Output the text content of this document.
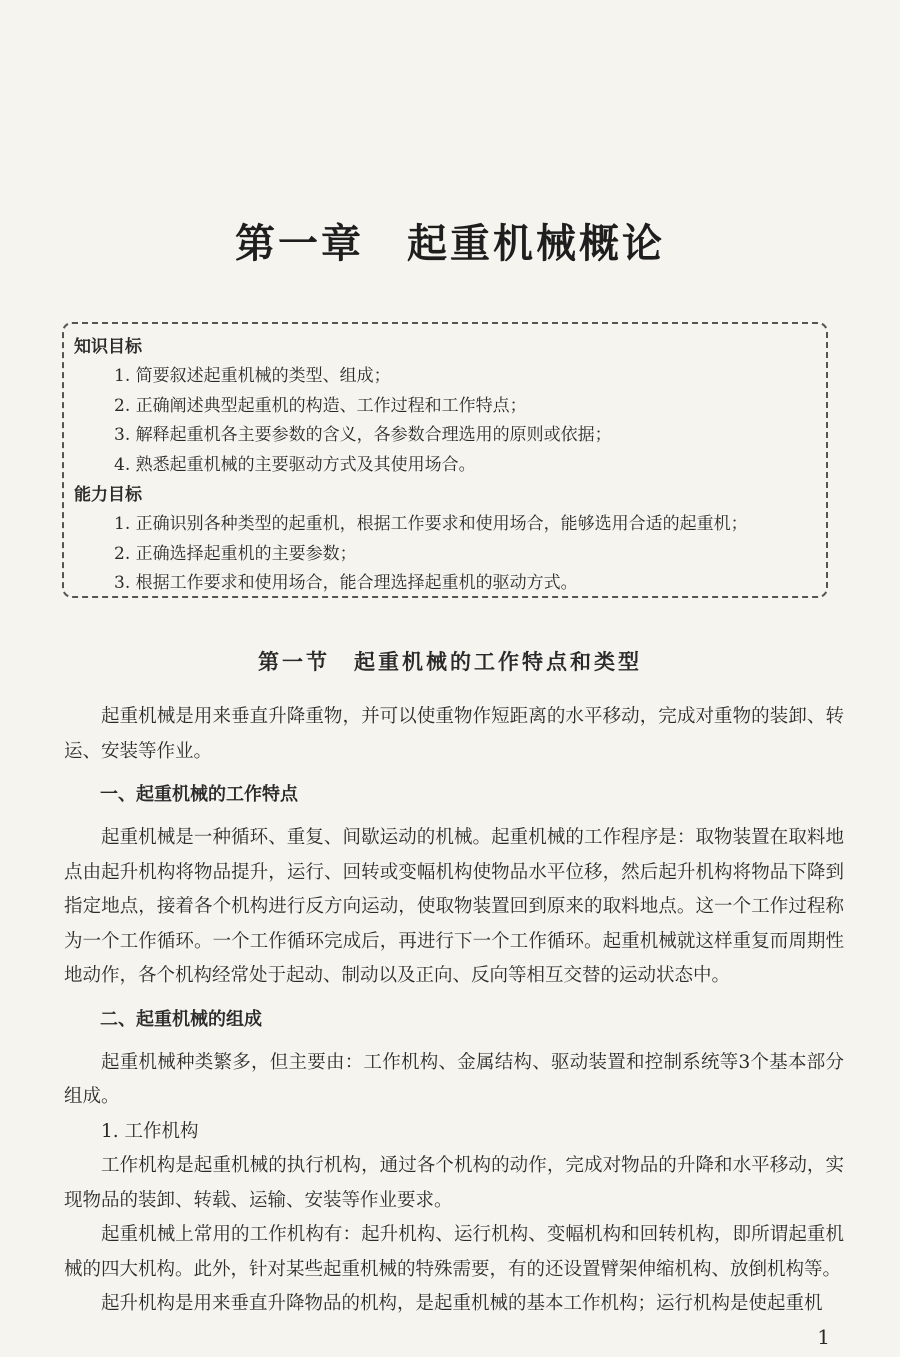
第一章　起重机械概论
知识目标
1. 简要叙述起重机械的类型、组成；
2. 正确阐述典型起重机的构造、工作过程和工作特点；
3. 解释起重机各主要参数的含义，各参数合理选用的原则或依据；
4. 熟悉起重机械的主要驱动方式及其使用场合。
能力目标
1. 正确识别各种类型的起重机，根据工作要求和使用场合，能够选用合适的起重机；
2. 正确选择起重机的主要参数；
3. 根据工作要求和使用场合，能合理选择起重机的驱动方式。
第一节　起重机械的工作特点和类型

起重机械是用来垂直升降重物，并可以使重物作短距离的水平移动，完成对重物的装卸、转运、安装等作业。

一、起重机械的工作特点

起重机械是一种循环、重复、间歇运动的机械。起重机械的工作程序是：取物装置在取料地点由起升机构将物品提升，运行、回转或变幅机构使物品水平位移，然后起升机构将物品下降到指定地点，接着各个机构进行反方向运动，使取物装置回到原来的取料地点。这一个工作过程称为一个工作循环。一个工作循环完成后，再进行下一个工作循环。起重机械就这样重复而周期性地动作，各个机构经常处于起动、制动以及正向、反向等相互交替的运动状态中。

二、起重机械的组成

起重机械种类繁多，但主要由：工作机构、金属结构、驱动装置和控制系统等3个基本部分组成。

1. 工作机构

工作机构是起重机械的执行机构，通过各个机构的动作，完成对物品的升降和水平移动，实现物品的装卸、转载、运输、安装等作业要求。

起重机械上常用的工作机构有：起升机构、运行机构、变幅机构和回转机构，即所谓起重机械的四大机构。此外，针对某些起重机械的特殊需要，有的还设置臂架伸缩机构、放倒机构等。

起升机构是用来垂直升降物品的机构，是起重机械的基本工作机构；运行机构是使起重机

1
